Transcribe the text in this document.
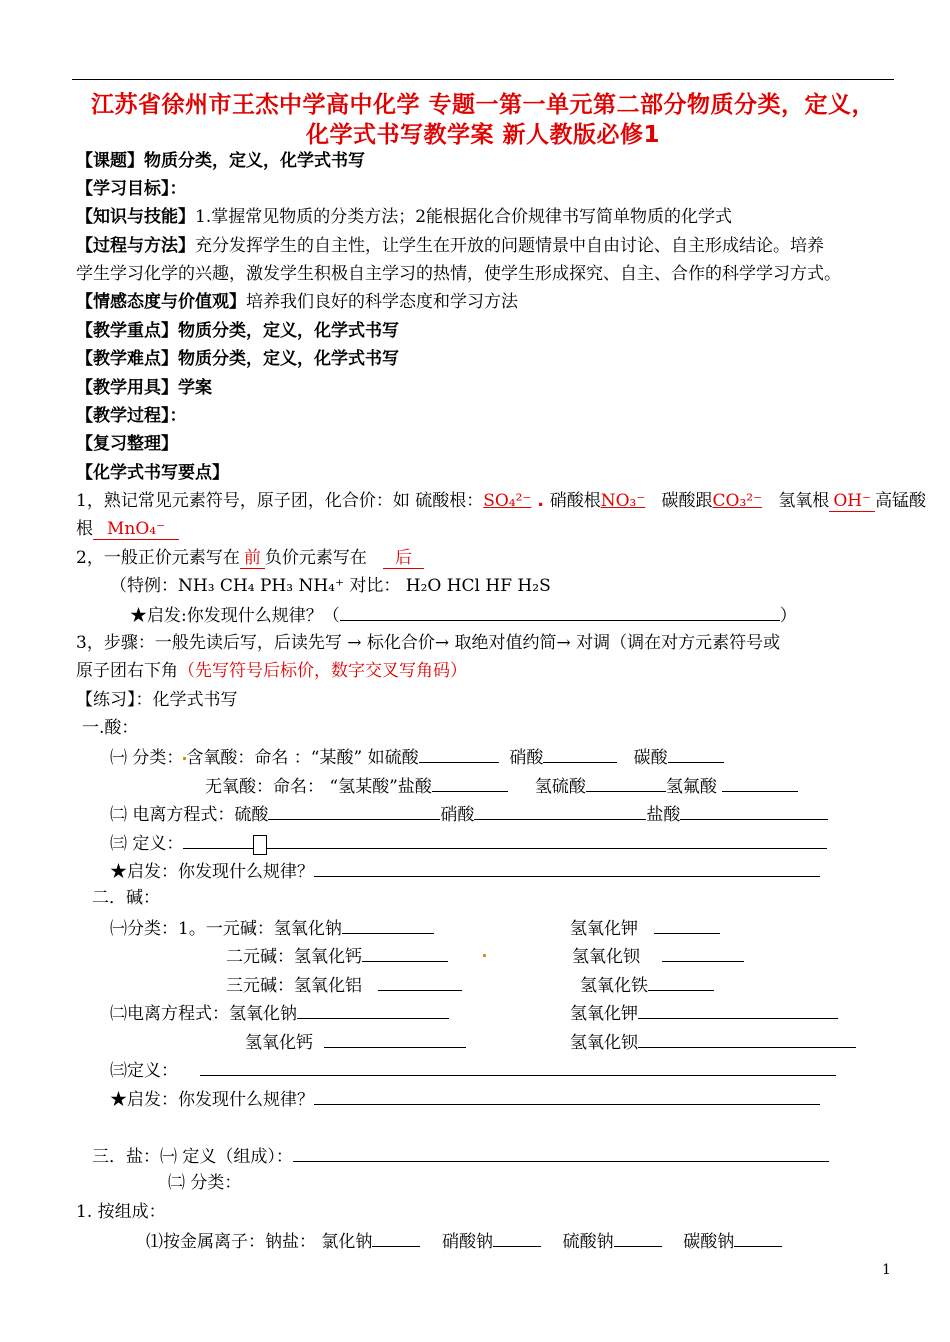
江苏省徐州市王杰中学高中化学 专题一第一单元第二部分物质分类，定义，
化学式书写教学案 新人教版必修1
【课题】物质分类，定义，化学式书写
【学习目标】：
【知识与技能】1.掌握常见物质的分类方法；2能根据化合价规律书写简单物质的化学式
【过程与方法】充分发挥学生的自主性，让学生在开放的问题情景中自由讨论、自主形成结论。培养
学生学习化学的兴趣，激发学生积极自主学习的热情，使学生形成探究、自主、合作的科学学习方式。
【情感态度与价值观】培养我们良好的科学态度和学习方法
【教学重点】物质分类，定义，化学式书写
【教学难点】物质分类，定义，化学式书写
【教学用具】学案
【教学过程】：
【复习整理】
【化学式书写要点】
1，熟记常见元素符号，原子团，化合价：如 硫酸根：SO₄²⁻ . 硝酸根NO₃⁻ 碳酸跟CO₃²⁻ 氢氧根 OH⁻ 高锰酸
根 MnO₄⁻
2，一般正价元素写在 前 负价元素写在 后
（特例：NH₃ CH₄ PH₃ NH₄⁺ 对比： H₂O HCl HF H₂S
★启发:你发现什么规律？（	）
3，步骤：一般先读后写，后读先写 → 标化合价→ 取绝对值约简→ 对调（调在对方元素符号或
原子团右下角（先写符号后标价，数字交叉写角码）
【练习】：化学式书写
一.酸：
㈠ 分类： 含氧酸：命名 ：“某酸” 如硫酸	硝酸	碳酸
无氧酸：命名： “氢某酸”盐酸	氢硫酸	氢氟酸
㈡ 电离方程式：硫酸	硝酸	盐酸
㈢ 定义：
★启发：你发现什么规律？
二．碱：
㈠分类：1。一元碱：氢氧化钠	氢氧化钾
二元碱：氢氧化钙	氢氧化钡
三元碱：氢氧化铝	氢氧化铁
㈡电离方程式：氢氧化钠	氢氧化钾
氢氧化钙	氢氧化钡
㈢定义：
★启发：你发现什么规律？
三．盐：㈠ 定义（组成）：
㈡ 分类：
1. 按组成：
⑴按金属离子：钠盐： 氯化钠	硝酸钠	硫酸钠	碳酸钠
1
